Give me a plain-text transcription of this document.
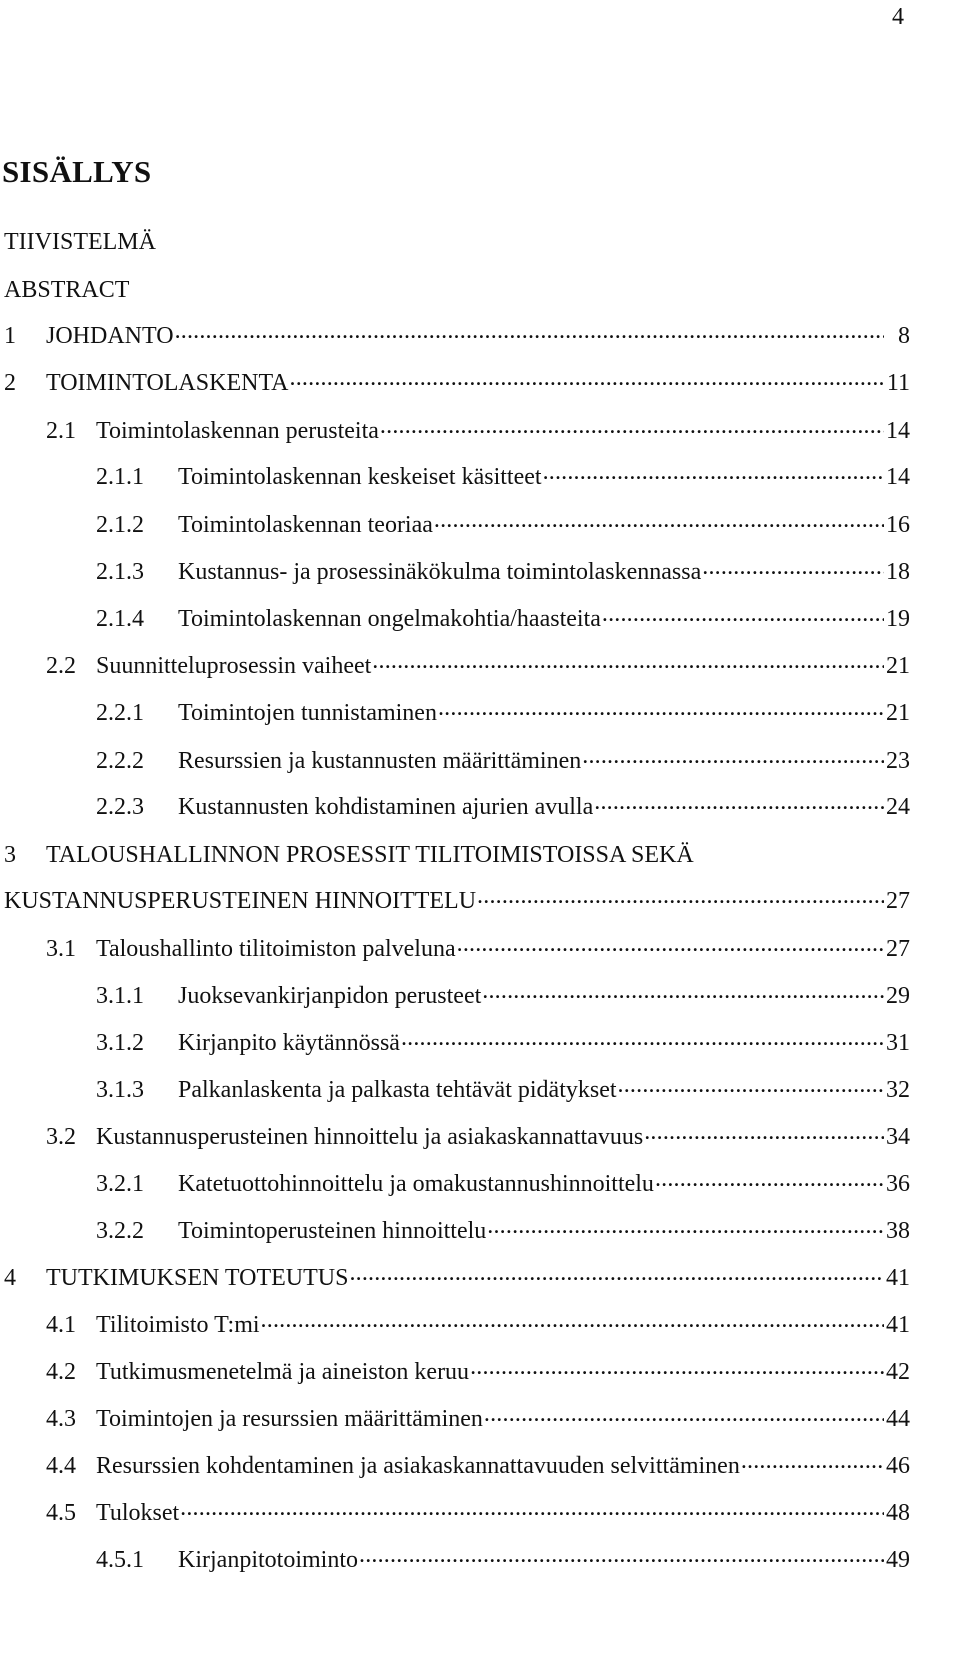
4
SISÄLLYS
TIIVISTELMÄ
ABSTRACT
1	JOHDANTO .....	8
2	TOIMINTOLASKENTA .....	11
2.1 Toimintolaskennan perusteita .....	14
2.1.1	Toimintolaskennan keskeiset käsitteet .....	14
2.1.2	Toimintolaskennan teoriaa .....	16
2.1.3	Kustannus- ja prosessinäkökulma toimintolaskennassa .....	18
2.1.4	Toimintolaskennan ongelmakohtia/haasteita .....	19
2.2 Suunnitteluprosessin vaiheet .....	21
2.2.1	Toimintojen tunnistaminen .....	21
2.2.2	Resurssien ja kustannusten määrittäminen .....	23
2.2.3	Kustannusten kohdistaminen ajurien avulla .....	24
3	TALOUSHALLINNON PROSESSIT TILITOIMISTOISSA SEKÄ
KUSTANNUSPERUSTEINEN HINNOITTELU .....	27
3.1 Taloushallinto tilitoimiston palveluna .....	27
3.1.1	Juoksevankirjanpidon perusteet .....	29
3.1.2	Kirjanpito käytännössä .....	31
3.1.3	Palkanlaskenta ja palkasta tehtävät pidätykset .....	32
3.2 Kustannusperusteinen hinnoittelu ja asiakaskannattavuus .....	34
3.2.1	Katetuottohinnoittelu ja omakustannushinnoittelu .....	36
3.2.2	Toimintoperusteinen hinnoittelu .....	38
4	TUTKIMUKSEN TOTEUTUS .....	41
4.1 Tilitoimisto T:mi .....	41
4.2 Tutkimusmenetelmä ja aineiston keruu .....	42
4.3 Toimintojen ja resurssien määrittäminen .....	44
4.4 Resurssien kohdentaminen ja asiakaskannattavuuden selvittäminen .....	46
4.5 Tulokset .....	48
4.5.1	Kirjanpitotoiminto .....	49
